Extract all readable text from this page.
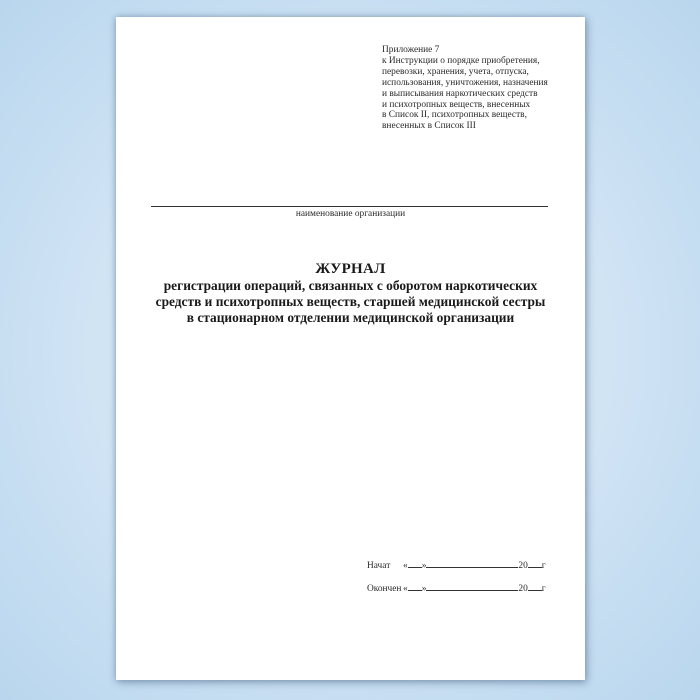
Приложение 7
к Инструкции о порядке приобретения,
перевозки, хранения, учета, отпуска,
использования, уничтожения, назначения
и выписывания наркотических средств
и психотропных веществ, внесенных
в Список II, психотропных веществ,
внесенных в Список III
наименование организации
ЖУРНАЛ
регистрации операций, связанных с оборотом наркотических
средств и психотропных веществ, старшей медицинской сестры
в стационарном отделении медицинской организации
Начат « »	20 г
Окончен « »	20 г
